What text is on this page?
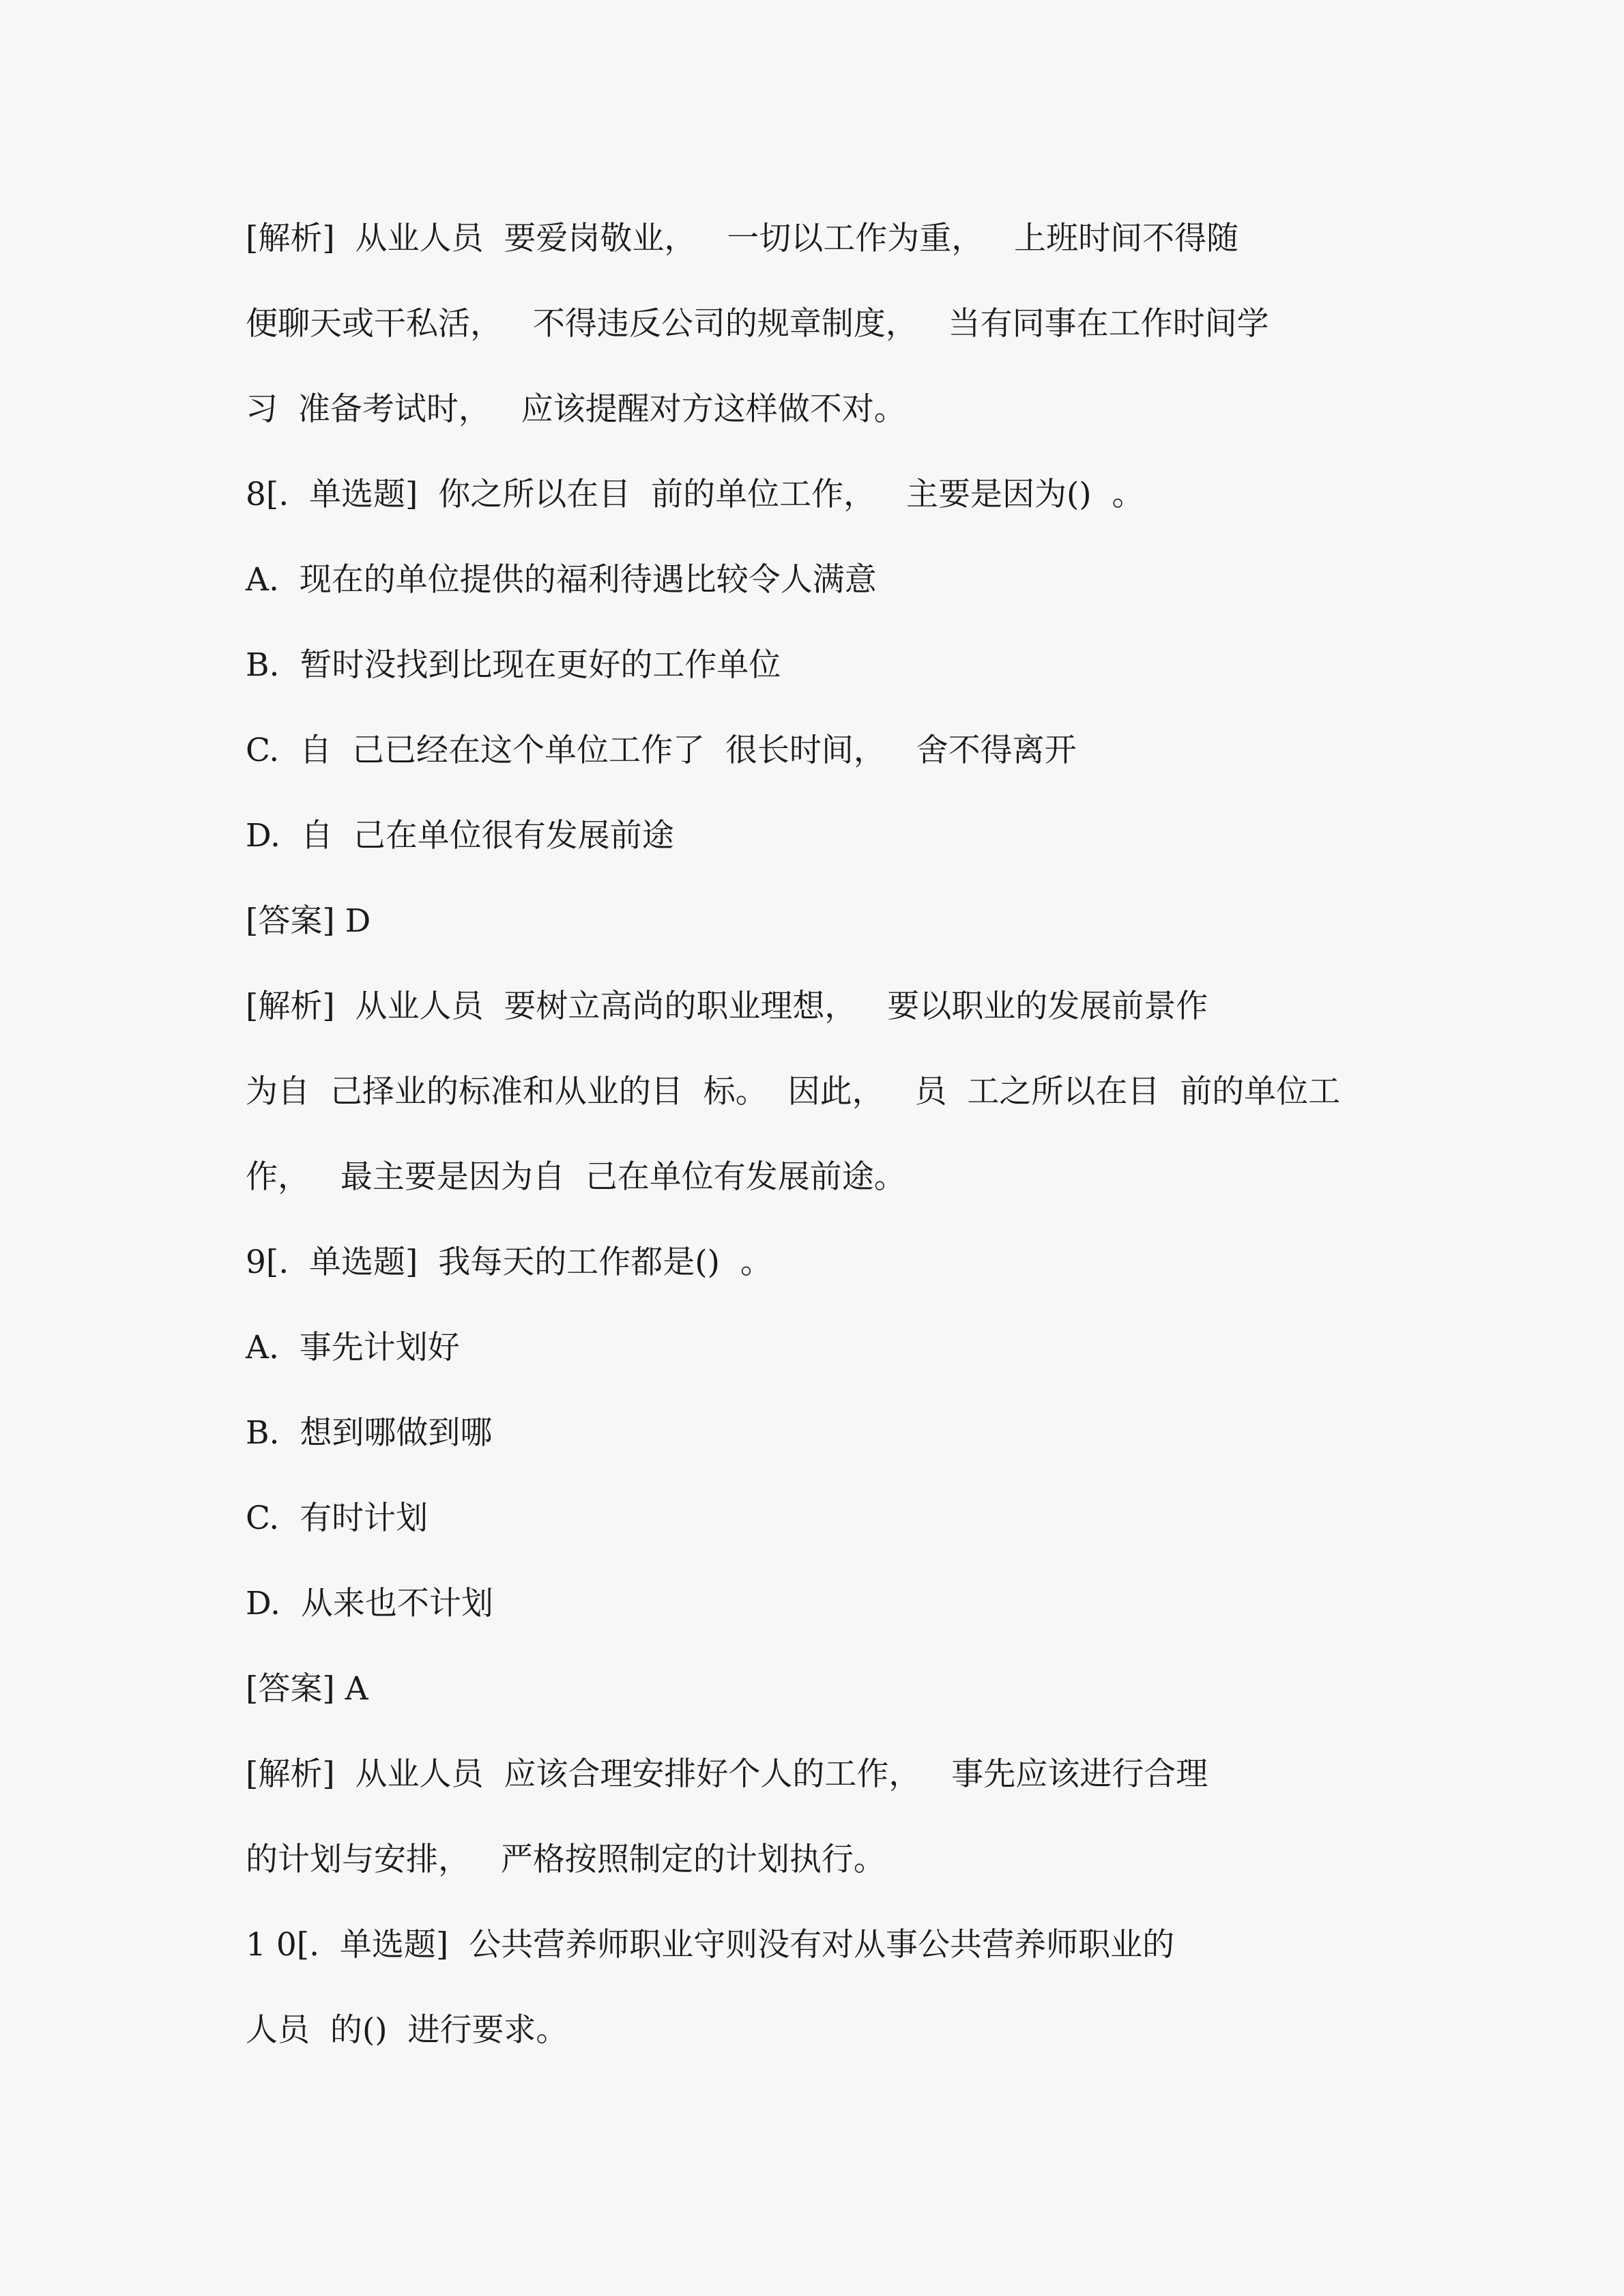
[解析]  从业人员  要爱岗敬业，   一切以工作为重，   上班时间不得随

便聊天或干私活，   不得违反公司的规章制度，   当有同事在工作时间学

习  准备考试时，   应该提醒对方这样做不对。

8[.  单选题]  你之所以在目  前的单位工作，   主要是因为()  。

A.  现在的单位提供的福利待遇比较令人满意

B.  暂时没找到比现在更好的工作单位

C.  自  己已经在这个单位工作了  很长时间，   舍不得离开

D.  自  己在单位很有发展前途

[答案] D

[解析]  从业人员  要树立高尚的职业理想，   要以职业的发展前景作

为自  己择业的标准和从业的目  标。  因此，   员  工之所以在目  前的单位工

作，   最主要是因为自  己在单位有发展前途。

9[.  单选题]  我每天的工作都是()  。

A.  事先计划好

B.  想到哪做到哪

C.  有时计划

D.  从来也不计划

[答案] A

[解析]  从业人员  应该合理安排好个人的工作，   事先应该进行合理

的计划与安排，   严格按照制定的计划执行。

1 0[.  单选题]  公共营养师职业守则没有对从事公共营养师职业的

人员  的()  进行要求。
